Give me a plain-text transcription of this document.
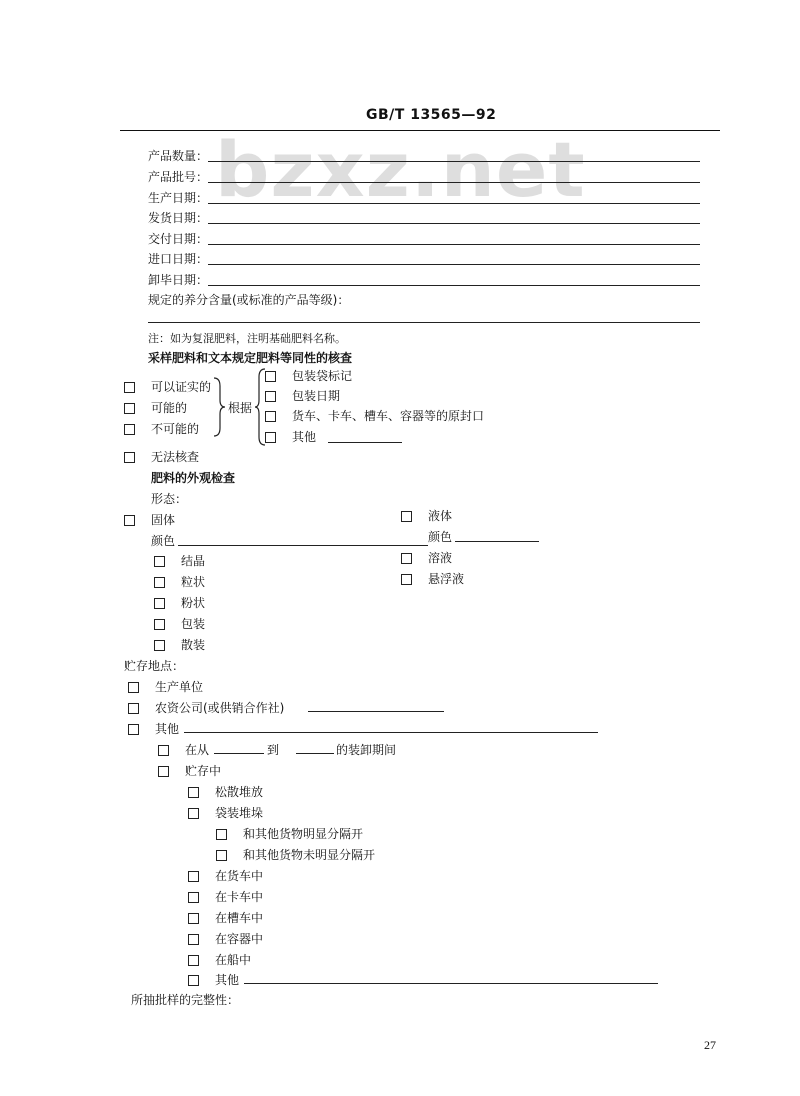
GB/T 13565—92
bzxz.net
产品数量：
产品批号：
生产日期：
发货日期：
交付日期：
进口日期：
卸毕日期：
规定的养分含量(或标准的产品等级)：
注：如为复混肥料，注明基础肥料名称。
采样肥料和文本规定肥料等同性的核查
可以证实的
可能的
不可能的
根据
包装袋标记
包装日期
货车、卡车、槽车、容器等的原封口
其他
无法核查
肥料的外观检查
形态：
固体	液体
颜色	颜色
结晶
粒状
粉状
包装
散装
溶液
悬浮液
贮存地点：
生产单位
农资公司(或供销合作社)
其他
在从	到	的装卸期间
贮存中
松散堆放
袋装堆垛
和其他货物明显分隔开
和其他货物未明显分隔开
在货车中
在卡车中
在槽车中
在容器中
在船中
其他
所抽批样的完整性：
27
